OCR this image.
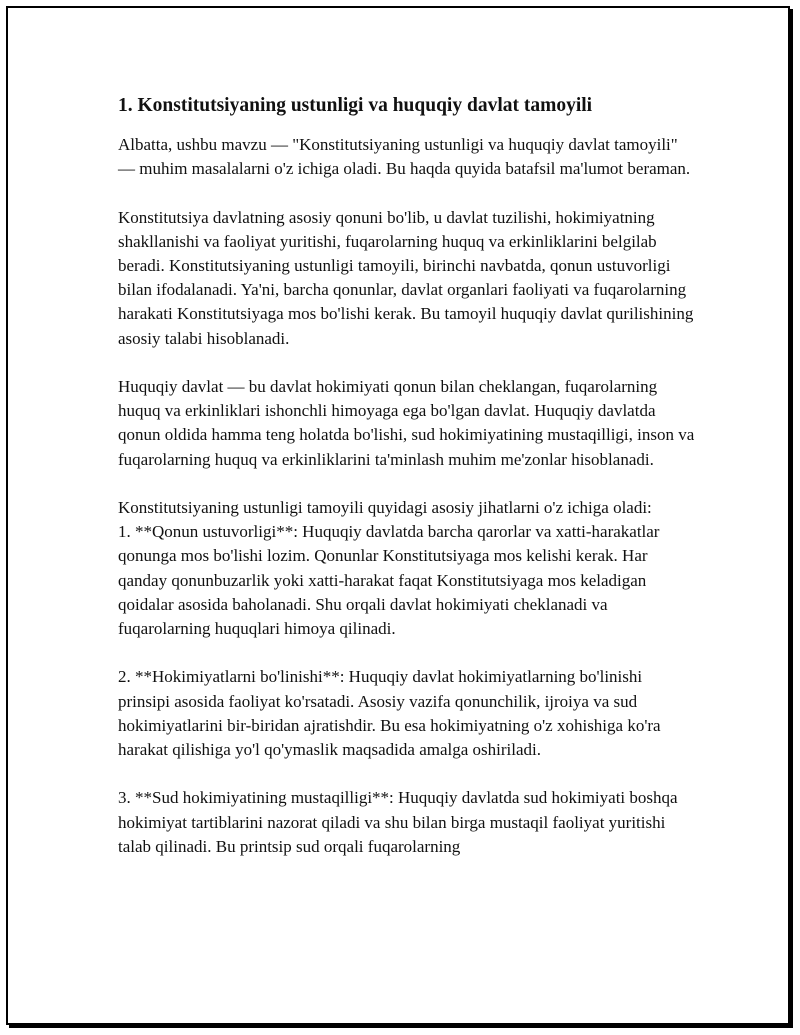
1. Konstitutsiyaning ustunligi va huquqiy davlat tamoyili

Albatta, ushbu mavzu — "Konstitutsiyaning ustunligi va huquqiy davlat tamoyili" — muhim masalalarni o'z ichiga oladi. Bu haqda quyida batafsil ma'lumot beraman.

Konstitutsiya davlatning asosiy qonuni bo'lib, u davlat tuzilishi, hokimiyatning shakllanishi va faoliyat yuritishi, fuqarolarning huquq va erkinliklarini belgilab beradi. Konstitutsiyaning ustunligi tamoyili, birinchi navbatda, qonun ustuvorligi bilan ifodalanadi. Ya'ni, barcha qonunlar, davlat organlari faoliyati va fuqarolarning harakati Konstitutsiyaga mos bo'lishi kerak. Bu tamoyil huquqiy davlat qurilishining asosiy talabi hisoblanadi.

Huquqiy davlat — bu davlat hokimiyati qonun bilan cheklangan, fuqarolarning huquq va erkinliklari ishonchli himoyaga ega bo'lgan davlat. Huquqiy davlatda qonun oldida hamma teng holatda bo'lishi, sud hokimiyatining mustaqilligi, inson va fuqarolarning huquq va erkinliklarini ta'minlash muhim me'zonlar hisoblanadi.

Konstitutsiyaning ustunligi tamoyili quyidagi asosiy jihatlarni o'z ichiga oladi:

1. **Qonun ustuvorligi**: Huquqiy davlatda barcha qarorlar va xatti-harakatlar qonunga mos bo'lishi lozim. Qonunlar Konstitutsiyaga mos kelishi kerak. Har qanday qonunbuzarlik yoki xatti-harakat faqat Konstitutsiyaga mos keladigan qoidalar asosida baholanadi. Shu orqali davlat hokimiyati cheklanadi va fuqarolarning huquqlari himoya qilinadi.

2. **Hokimiyatlarni bo'linishi**: Huquqiy davlat hokimiyatlarning bo'linishi prinsipi asosida faoliyat ko'rsatadi. Asosiy vazifa qonunchilik, ijroiya va sud hokimiyatlarini bir-biridan ajratishdir. Bu esa hokimiyatning o'z xohishiga ko'ra harakat qilishiga yo'l qo'ymaslik maqsadida amalga oshiriladi.

3. **Sud hokimiyatining mustaqilligi**: Huquqiy davlatda sud hokimiyati boshqa hokimiyat tartiblarini nazorat qiladi va shu bilan birga mustaqil faoliyat yuritishi talab qilinadi. Bu printsip sud orqali fuqarolarning
